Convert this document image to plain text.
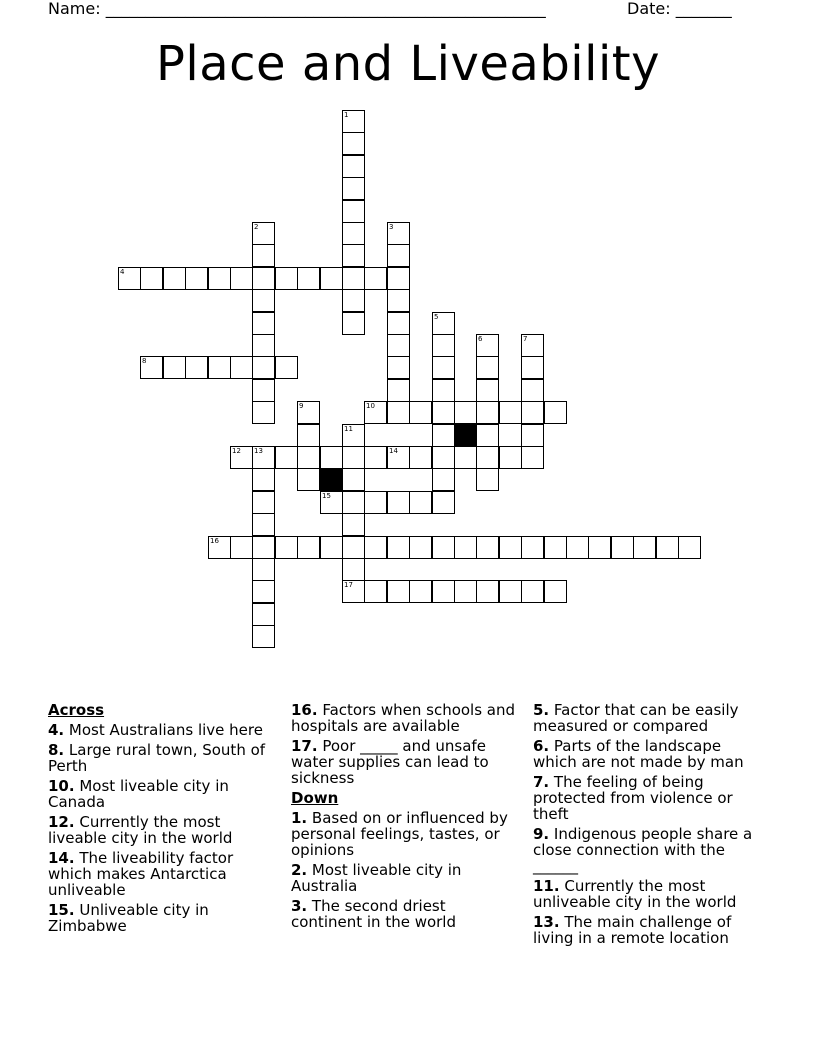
Name: _______________________________________________________	Date: _______
Place and Liveability
4
8
10
12 13	14
15
16
17
1
2	3
5
6	7
9
11
Across
4. Most Australians live here
8. Large rural town, South of Perth
10. Most liveable city in Canada
12. Currently the most liveable city in the world
14. The liveability factor which makes Antarctica unliveable
15. Unliveable city in Zimbabwe
16. Factors when schools and hospitals are available
17. Poor _____ and unsafe water supplies can lead to sickness
Down
1. Based on or influenced by personal feelings, tastes, or opinions
2. Most liveable city in Australia
3. The second driest continent in the world
5. Factor that can be easily measured or compared
6. Parts of the landscape which are not made by man
7. The feeling of being protected from violence or theft
9. Indigenous people share a close connection with the ______
11. Currently the most unliveable city in the world
13. The main challenge of living in a remote location
